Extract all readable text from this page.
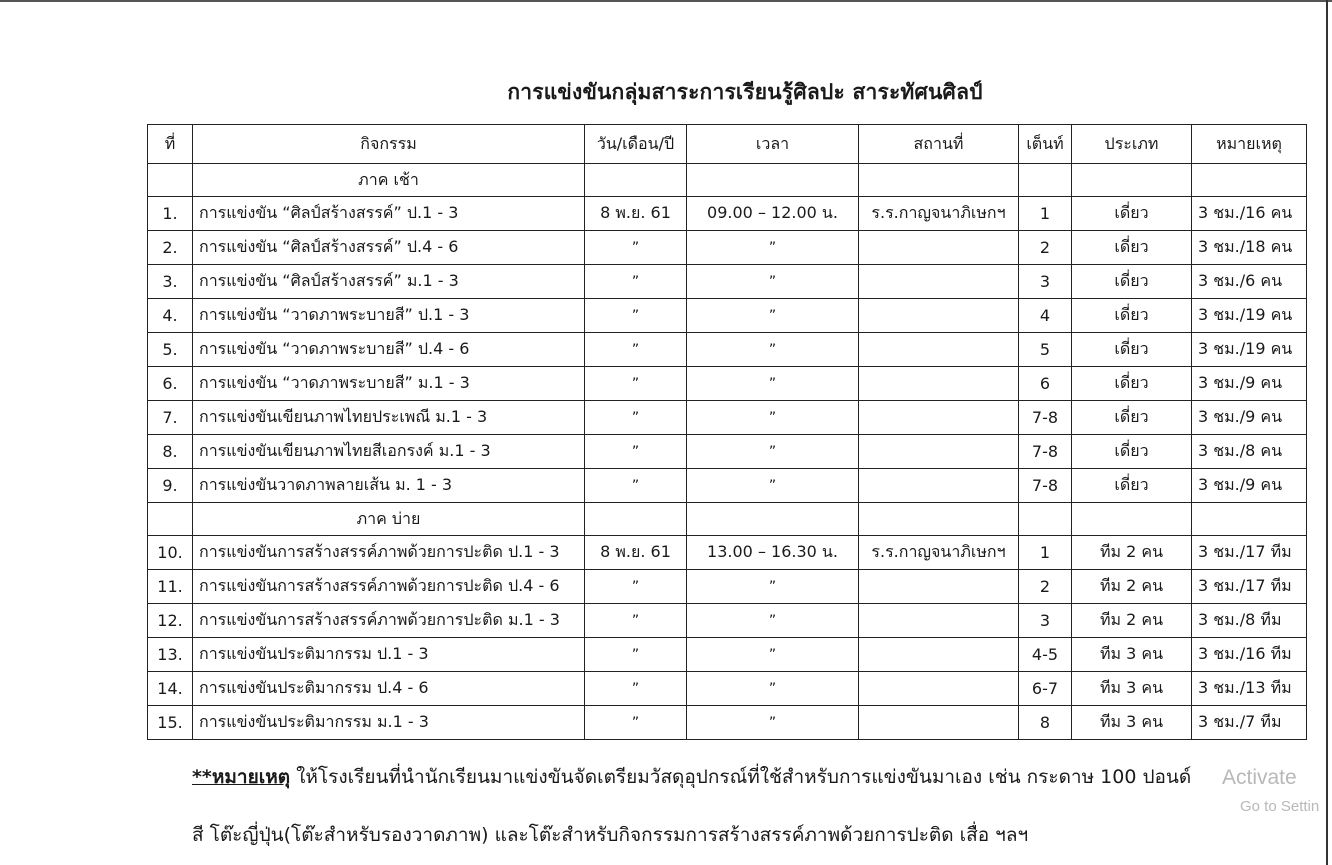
การแข่งขันกลุ่มสาระการเรียนรู้ศิลปะ สาระทัศนศิลป์
ที่	กิจกรรม	วัน/เดือน/ปี	เวลา	สถานที่	เต็นท์	ประเภท	หมายเหตุ
	ภาค เช้า						
1.	การแข่งขัน “ศิลป์สร้างสรรค์” ป.1 - 3	8 พ.ย. 61	09.00 – 12.00 น.	ร.ร.กาญจนาภิเษกฯ	1	เดี่ยว	3 ชม./16 คน
2.	การแข่งขัน “ศิลป์สร้างสรรค์” ป.4 - 6	”	”		2	เดี่ยว	3 ชม./18 คน
3.	การแข่งขัน “ศิลป์สร้างสรรค์” ม.1 - 3	”	”		3	เดี่ยว	3 ชม./6 คน
4.	การแข่งขัน “วาดภาพระบายสี” ป.1 - 3	”	”		4	เดี่ยว	3 ชม./19 คน
5.	การแข่งขัน “วาดภาพระบายสี” ป.4 - 6	”	”		5	เดี่ยว	3 ชม./19 คน
6.	การแข่งขัน “วาดภาพระบายสี” ม.1 - 3	”	”		6	เดี่ยว	3 ชม./9 คน
7.	การแข่งขันเขียนภาพไทยประเพณี ม.1 - 3	”	”		7-8	เดี่ยว	3 ชม./9 คน
8.	การแข่งขันเขียนภาพไทยสีเอกรงค์ ม.1 - 3	”	”		7-8	เดี่ยว	3 ชม./8 คน
9.	การแข่งขันวาดภาพลายเส้น ม. 1 - 3	”	”		7-8	เดี่ยว	3 ชม./9 คน
	ภาค บ่าย						
10.	การแข่งขันการสร้างสรรค์ภาพด้วยการปะติด ป.1 - 3	8 พ.ย. 61	13.00 – 16.30 น.	ร.ร.กาญจนาภิเษกฯ	1	ทีม 2 คน	3 ชม./17 ทีม
11.	การแข่งขันการสร้างสรรค์ภาพด้วยการปะติด ป.4 - 6	”	”		2	ทีม 2 คน	3 ชม./17 ทีม
12.	การแข่งขันการสร้างสรรค์ภาพด้วยการปะติด ม.1 - 3	”	”		3	ทีม 2 คน	3 ชม./8 ทีม
13.	การแข่งขันประติมากรรม ป.1 - 3	”	”		4-5	ทีม 3 คน	3 ชม./16 ทีม
14.	การแข่งขันประติมากรรม ป.4 - 6	”	”		6-7	ทีม 3 คน	3 ชม./13 ทีม
15.	การแข่งขันประติมากรรม ม.1 - 3	”	”		8	ทีม 3 คน	3 ชม./7 ทีม
**หมายเหตุ ให้โรงเรียนที่นำนักเรียนมาแข่งขันจัดเตรียมวัสดุอุปกรณ์ที่ใช้สำหรับการแข่งขันมาเอง เช่น กระดาษ 100 ปอนด์
สี โต๊ะญี่ปุ่น(โต๊ะสำหรับรองวาดภาพ) และโต๊ะสำหรับกิจกรรมการสร้างสรรค์ภาพด้วยการปะติด เสื่อ ฯลฯ
Activate
Go to Settin
